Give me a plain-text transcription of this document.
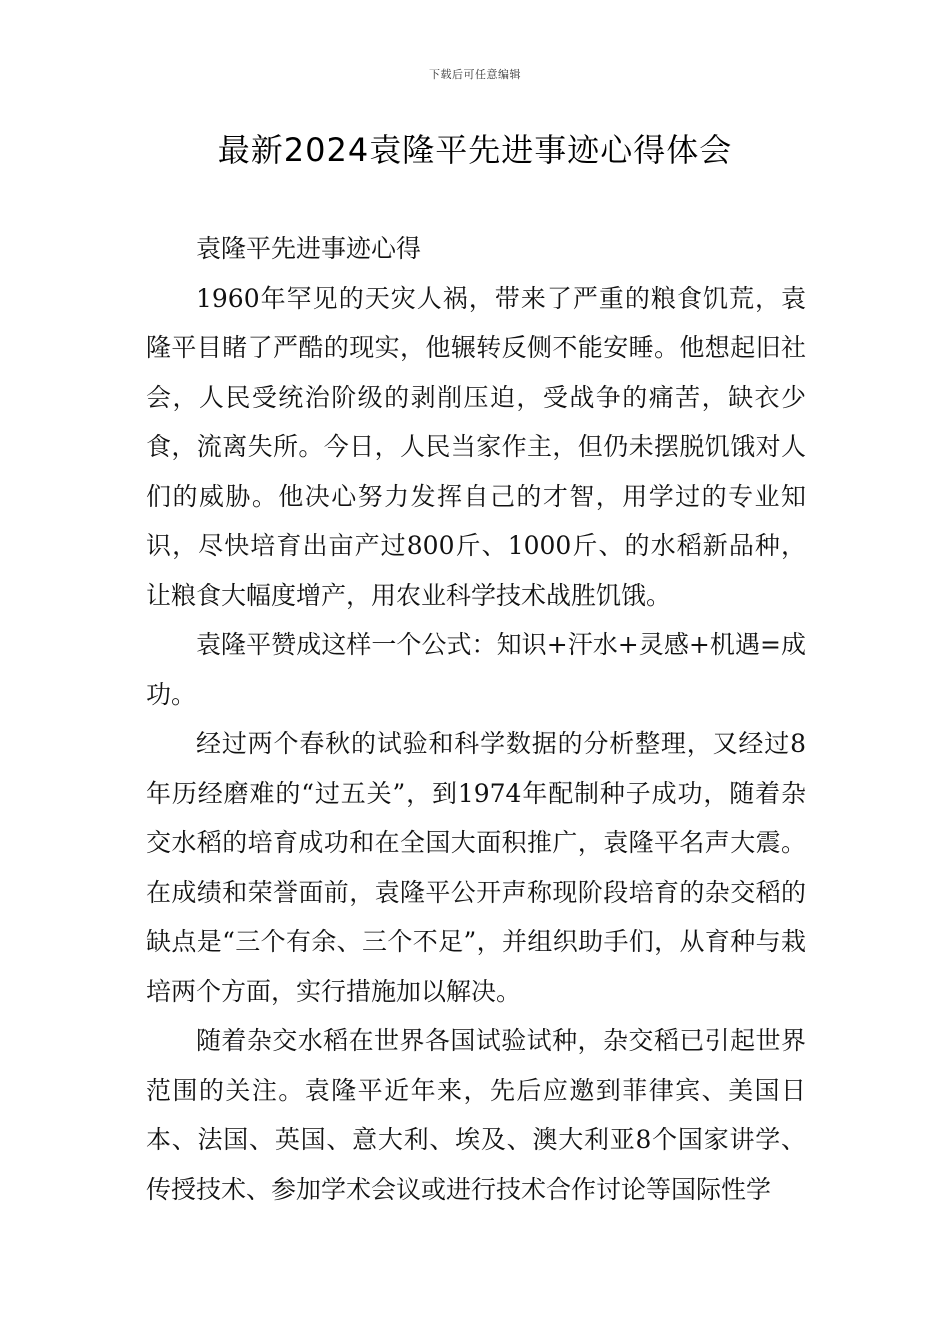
下载后可任意编辑
最新2024袁隆平先进事迹心得体会

袁隆平先进事迹心得

1960年罕见的天灾人祸，带来了严重的粮食饥荒，袁隆平目睹了严酷的现实，他辗转反侧不能安睡。他想起旧社会，人民受统治阶级的剥削压迫，受战争的痛苦，缺衣少食，流离失所。今日，人民当家作主，但仍未摆脱饥饿对人们的威胁。他决心努力发挥自己的才智，用学过的专业知识，尽快培育出亩产过800斤、1000斤、的水稻新品种，让粮食大幅度增产，用农业科学技术战胜饥饿。

袁隆平赞成这样一个公式：知识+汗水+灵感+机遇=成功。

经过两个春秋的试验和科学数据的分析整理，又经过8年历经磨难的“过五关”，到1974年配制种子成功，随着杂交水稻的培育成功和在全国大面积推广，袁隆平名声大震。在成绩和荣誉面前，袁隆平公开声称现阶段培育的杂交稻的缺点是“三个有余、三个不足”，并组织助手们，从育种与栽培两个方面，实行措施加以解决。

随着杂交水稻在世界各国试验试种，杂交稻已引起世界范围的关注。袁隆平近年来，先后应邀到菲律宾、美国日本、法国、英国、意大利、埃及、澳大利亚8个国家讲学、传授技术、参加学术会议或进行技术合作讨论等国际性学
